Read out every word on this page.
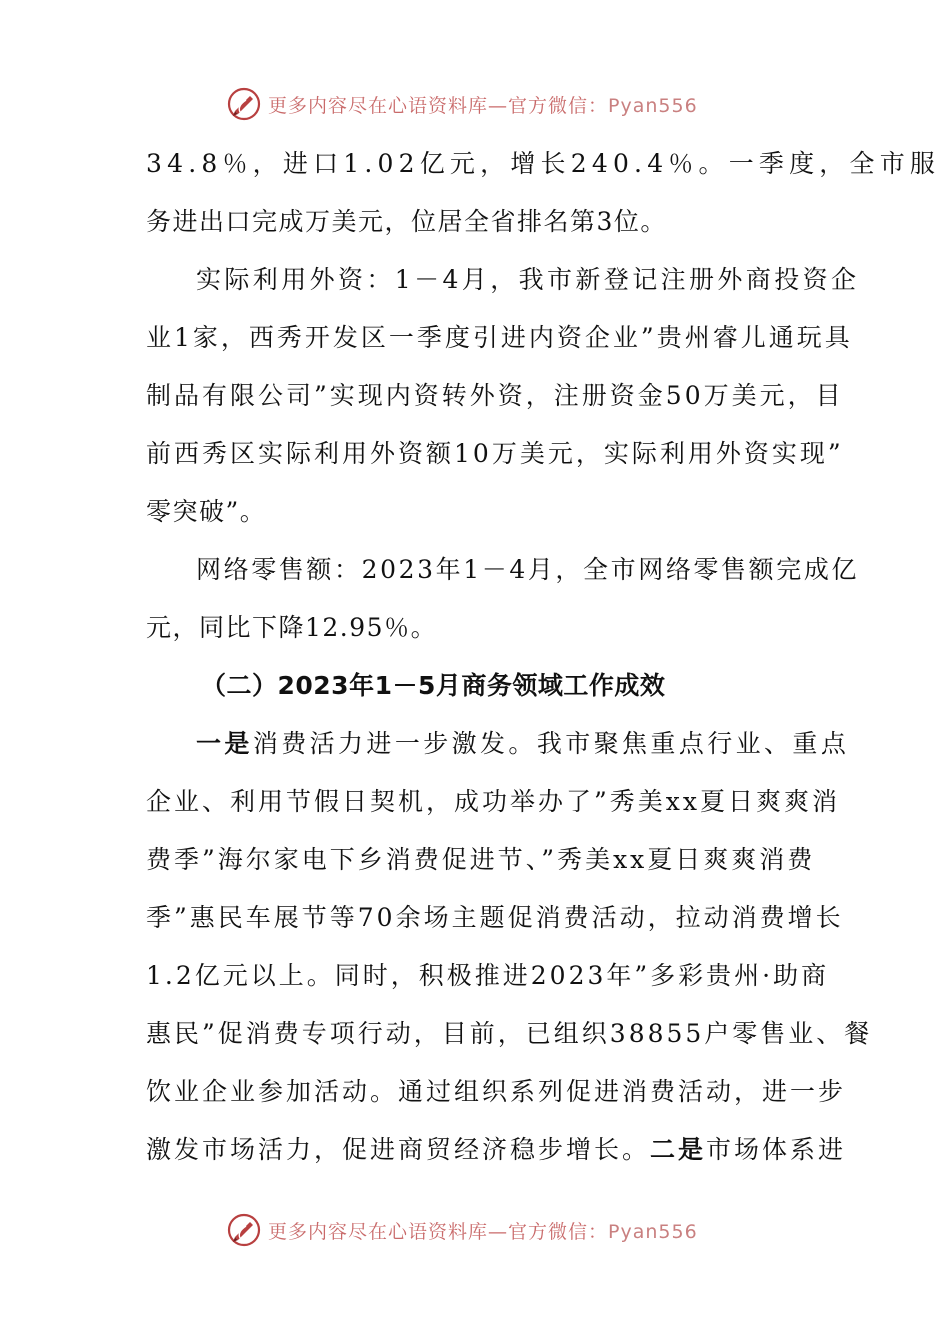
更多内容尽在心语资料库—官方微信：Pyan556
34.8％，进口1.02亿元，增长240.4％。一季度，全市服
务进出口完成万美元，位居全省排名第3位。
实际利用外资：1－4月，我市新登记注册外商投资企
业1家，西秀开发区一季度引进内资企业”贵州睿儿通玩具
制品有限公司”实现内资转外资，注册资金50万美元，目
前西秀区实际利用外资额10万美元，实际利用外资实现”
零突破”。
网络零售额：2023年1－4月，全市网络零售额完成亿
元，同比下降12.95％。
（二）2023年1－5月商务领域工作成效
一是消费活力进一步激发。我市聚焦重点行业、重点
企业、利用节假日契机，成功举办了”秀美xx夏日爽爽消
费季”海尔家电下乡消费促进节、”秀美xx夏日爽爽消费
季”惠民车展节等70余场主题促消费活动，拉动消费增长
1.2亿元以上。同时，积极推进2023年”多彩贵州·助商
惠民”促消费专项行动，目前，已组织38855户零售业、餐
饮业企业参加活动。通过组织系列促进消费活动，进一步
激发市场活力，促进商贸经济稳步增长。二是市场体系进
更多内容尽在心语资料库—官方微信：Pyan556
